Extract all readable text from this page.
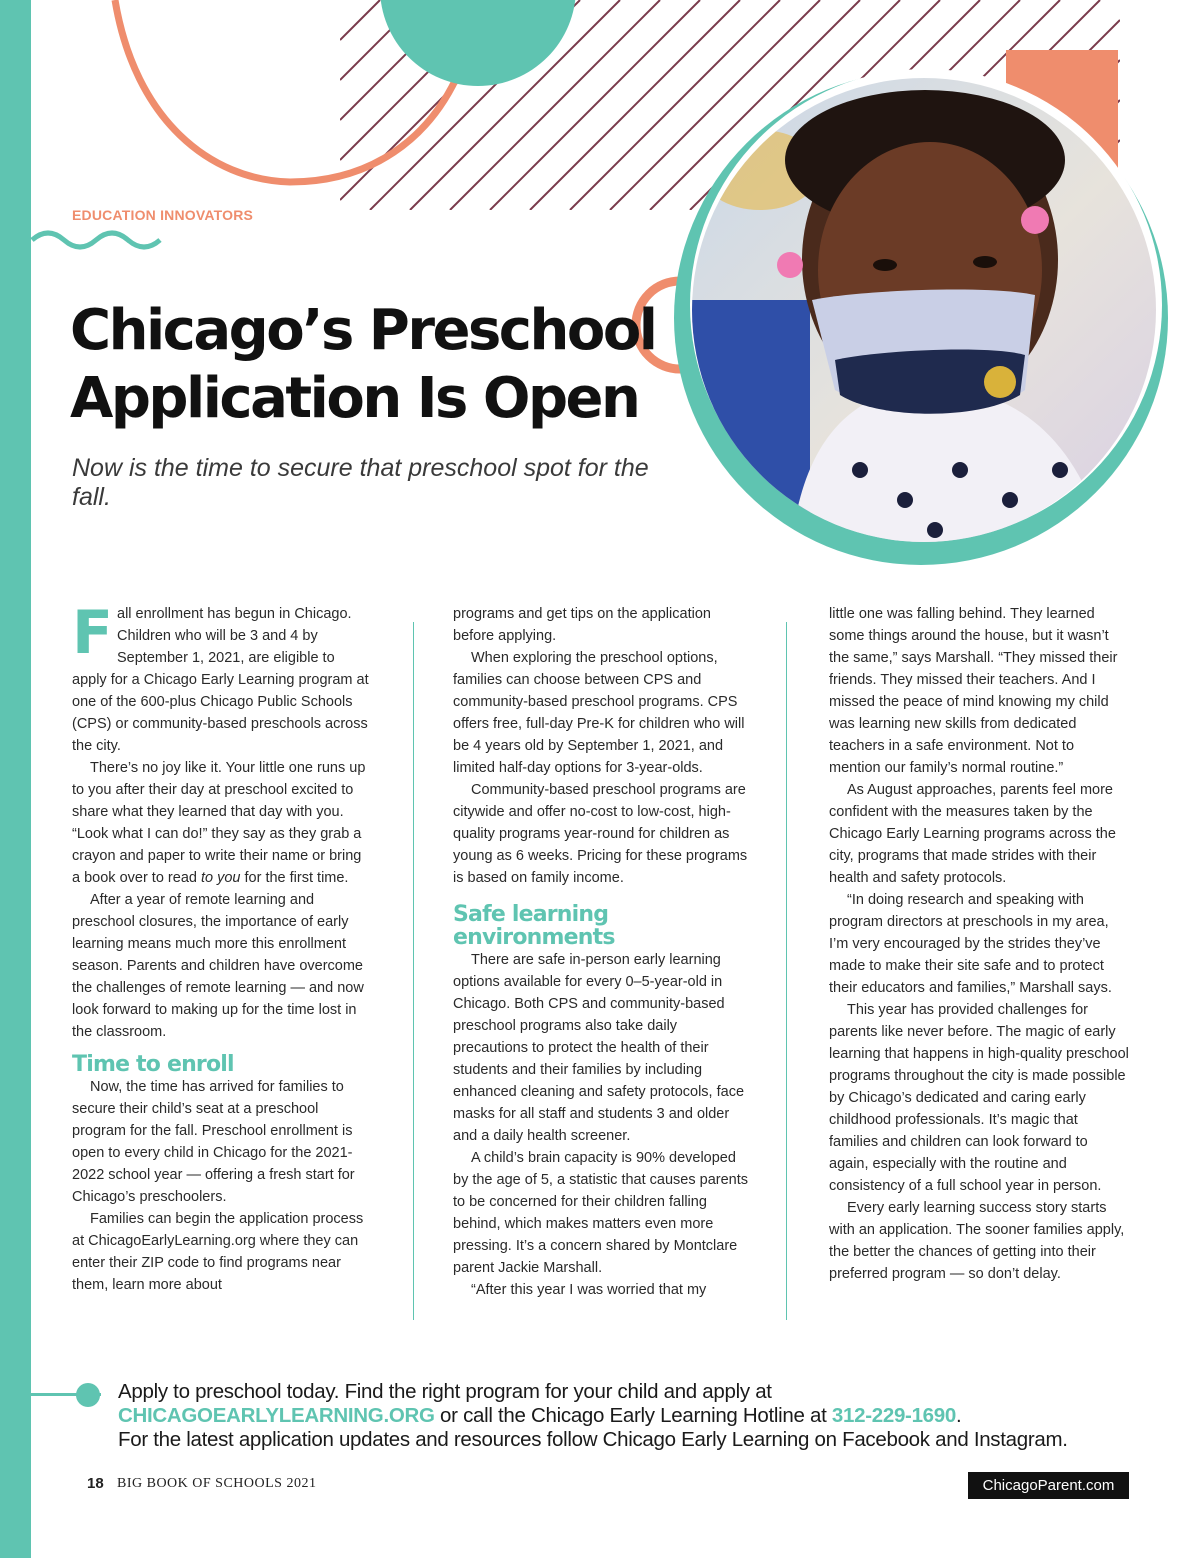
EDUCATION INNOVATORS
Chicago’s Preschool
Application Is Open

Now is the time to secure that preschool spot for the fall.

Fall enrollment has begun in Chicago. Children who will be 3 and 4 by September 1, 2021, are eligible to apply for a Chicago Early Learning program at one of the 600-plus Chicago Public Schools (CPS) or community-based preschools across the city.

There’s no joy like it. Your little one runs up to you after their day at preschool excited to share what they learned that day with you. “Look what I can do!” they say as they grab a crayon and paper to write their name or bring a book over to read to you for the first time.

After a year of remote learning and preschool closures, the importance of early learning means much more this enrollment season. Parents and children have overcome the challenges of remote learning — and now look forward to making up for the time lost in the classroom.

Time to enroll

Now, the time has arrived for families to secure their child’s seat at a preschool program for the fall. Preschool enrollment is open to every child in Chicago for the 2021-2022 school year — offering a fresh start for Chicago’s preschoolers.

Families can begin the application process at ChicagoEarlyLearning.org where they can enter their ZIP code to find programs near them, learn more about

programs and get tips on the application before applying.

When exploring the preschool options, families can choose between CPS and community-based preschool programs. CPS offers free, full-day Pre-K for children who will be 4 years old by September 1, 2021, and limited half-day options for 3-year-olds.

Community-based preschool programs are citywide and offer no-cost to low-cost, high-quality programs year-round for children as young as 6 weeks. Pricing for these programs is based on family income.

Safe learning environments

There are safe in-person early learning options available for every 0–5-year-old in Chicago. Both CPS and community-based preschool programs also take daily precautions to protect the health of their students and their families by including enhanced cleaning and safety protocols, face masks for all staff and students 3 and older and a daily health screener.

A child’s brain capacity is 90% developed by the age of 5, a statistic that causes parents to be concerned for their children falling behind, which makes matters even more pressing. It’s a concern shared by Montclare parent Jackie Marshall.

“After this year I was worried that my

little one was falling behind. They learned some things around the house, but it wasn’t the same,” says Marshall. “They missed their friends. They missed their teachers. And I missed the peace of mind knowing my child was learning new skills from dedicated teachers in a safe environment. Not to mention our family’s normal routine.”

As August approaches, parents feel more confident with the measures taken by the Chicago Early Learning programs across the city, programs that made strides with their health and safety protocols.

“In doing research and speaking with program directors at preschools in my area, I’m very encouraged by the strides they’ve made to make their site safe and to protect their educators and families,” Marshall says.

This year has provided challenges for parents like never before. The magic of early learning that happens in high-quality preschool programs throughout the city is made possible by Chicago’s dedicated and caring early childhood professionals. It’s magic that families and children can look forward to again, especially with the routine and consistency of a full school year in person.

Every early learning success story starts with an application. The sooner families apply, the better the chances of getting into their preferred program — so don’t delay.

Apply to preschool today. Find the right program for your child and apply at
CHICAGOEARLYLEARNING.ORG or call the Chicago Early Learning Hotline at 312-229-1690.
For the latest application updates and resources follow Chicago Early Learning on Facebook and Instagram.
18 BIG BOOK OF SCHOOLS 2021	ChicagoParent.com
